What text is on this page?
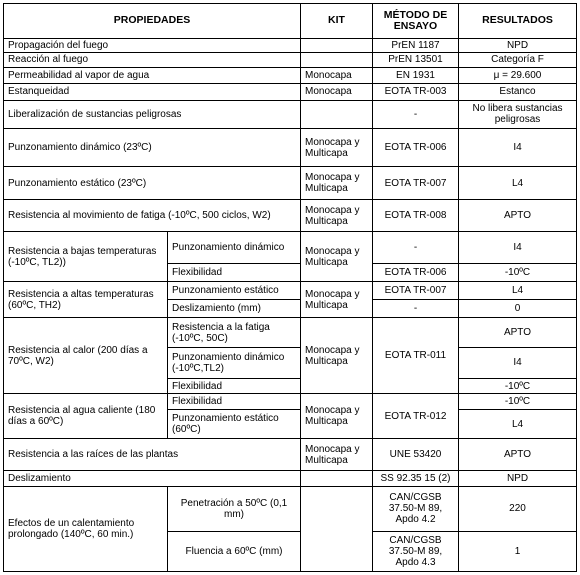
PROPIEDADES		KIT	MÉTODO DE ENSAYO	RESULTADOS
Propagación del fuego			PrEN 1187	NPD
Reacción al fuego			PrEN 13501	Categoría F
Permeabilidad al vapor de agua		Monocapa	EN 1931	μ = 29.600
Estanqueidad		Monocapa	EOTA TR-003	Estanco
Liberalización de sustancias peligrosas			-	No libera sustancias peligrosas
Punzonamiento dinámico (23ºC)		Monocapa y Multicapa	EOTA TR-006	I4
Punzonamiento estático (23ºC)		Monocapa y Multicapa	EOTA TR-007	L4
Resistencia al movimiento de fatiga (-10ºC, 500 ciclos, W2)		Monocapa y Multicapa	EOTA TR-008	APTO
Resistencia a bajas temperaturas (-10ºC, TL2))	Punzonamiento dinámico	Monocapa y Multicapa	-	I4
	Flexibilidad		EOTA TR-006	-10ºC
Resistencia a altas temperaturas (60ºC, TH2)	Punzonamiento estático	Monocapa y Multicapa	EOTA TR-007	L4
	Deslizamiento (mm)		-	0
Resistencia al calor (200 días a 70ºC, W2)	Resistencia a la fatiga (-10ºC, 50C)	Monocapa y Multicapa	EOTA TR-011	APTO
	Punzonamiento dinámico (-10ºC,TL2)			I4
	Flexibilidad			-10ºC
Resistencia al agua caliente (180 días a 60ºC)	Flexibilidad	Monocapa y Multicapa	EOTA TR-012	-10ºC
	Punzonamiento estático (60ºC)			L4
Resistencia a las raíces de las plantas		Monocapa y Multicapa	UNE 53420	APTO
Deslizamiento			SS 92.35 15 (2)	NPD
Efectos de un calentamiento prolongado (140ºC, 60 min.)	Penetración a 50ºC (0,1 mm)		CAN/CGSB 37.50-M 89, Apdo 4.2	220
	Fluencia a 60ºC (mm)		CAN/CGSB 37.50-M 89, Apdo 4.3	1
